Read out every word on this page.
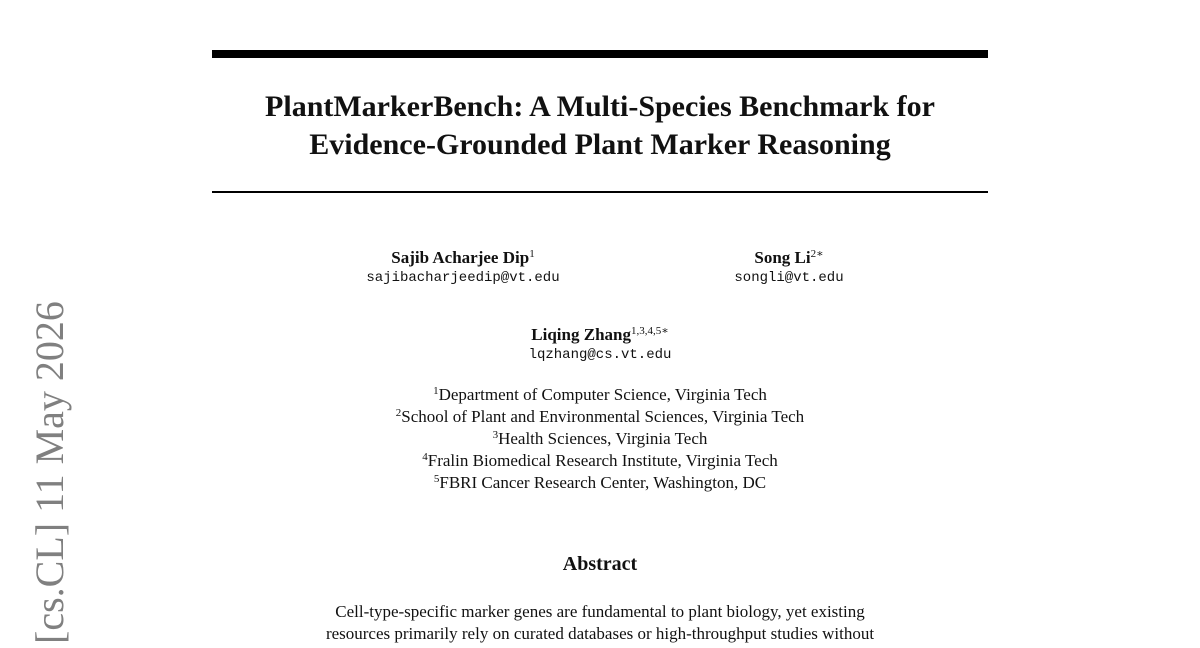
PlantMarkerBench: A Multi-Species Benchmark for
Evidence-Grounded Plant Marker Reasoning
Sajib Acharjee Dip$^1$
sajibacharjeedip@vt.edu
Song $Li^{2∗}$
songli@vt.edu
Liqing Zhang$^{1,3,4,5∗}$
lqzhang@cs.vt.edu
$^1$Department of Computer Science, Virginia Tech
$^2$School of Plant and Environmental Sciences, Virginia Tech
$^3$Health Sciences, Virginia Tech
$^4$Fralin Biomedical Research Institute, Virginia Tech
$^5$FBRI Cancer Research Center, Washington, DC
Abstract
Cell-type-specific marker genes are fundamental to plant biology, yet existing
resources primarily rely on curated databases or high-throughput studies without
[cs.CL] 11 May 2026
